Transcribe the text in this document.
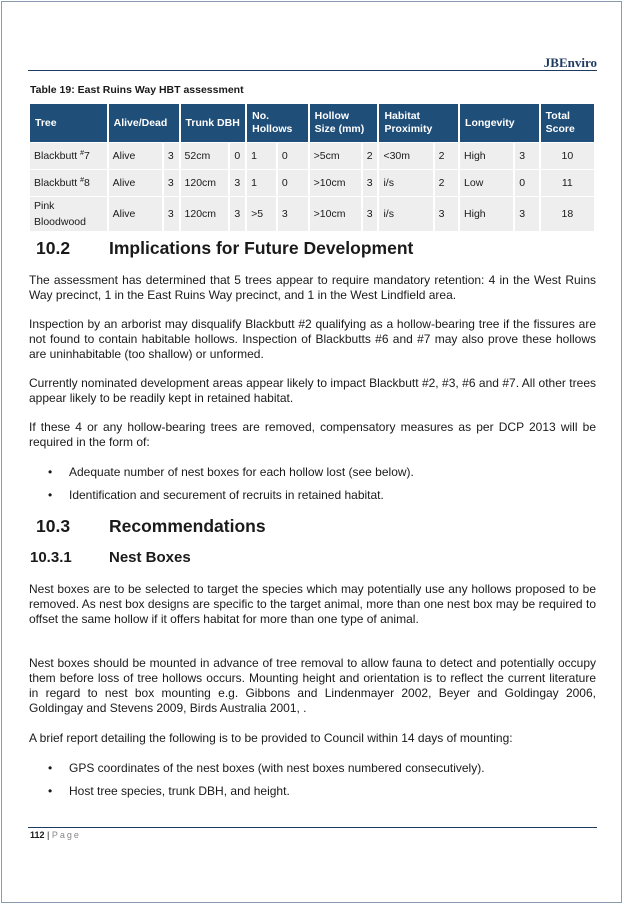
JBEnviro
Table 19: East Ruins Way HBT assessment
Tree	Alive/Dead		Trunk DBH		No. Hollows		Hollow Size (mm)		Habitat Proximity		Longevity		Total Score
Blackbutt #7	Alive	3	52cm	0	1	0	>5cm	2	<30m	2	High	3	10
Blackbutt #8	Alive	3	120cm	3	1	0	>10cm	3	i/s	2	Low	0	11
Pink Bloodwood	Alive	3	120cm	3	>5	3	>10cm	3	i/s	3	High	3	18
10.2 Implications for Future Development

The assessment has determined that 5 trees appear to require mandatory retention: 4 in the West Ruins Way precinct, 1 in the East Ruins Way precinct, and 1 in the West Lindfield area.

Inspection by an arborist may disqualify Blackbutt #2 qualifying as a hollow-bearing tree if the fissures are not found to contain habitable hollows. Inspection of Blackbutts #6 and #7 may also prove these hollows are uninhabitable (too shallow) or unformed.

Currently nominated development areas appear likely to impact Blackbutt #2, #3, #6 and #7. All other trees appear likely to be readily kept in retained habitat.

If these 4 or any hollow-bearing trees are removed, compensatory measures as per DCP 2013 will be required in the form of:

• Adequate number of nest boxes for each hollow lost (see below).
• Identification and securement of recruits in retained habitat.
10.3 Recommendations
10.3.1 Nest Boxes

Nest boxes are to be selected to target the species which may potentially use any hollows proposed to be removed. As nest box designs are specific to the target animal, more than one nest box may be required to offset the same hollow if it offers habitat for more than one type of animal.

Nest boxes should be mounted in advance of tree removal to allow fauna to detect and potentially occupy them before loss of tree hollows occurs. Mounting height and orientation is to reflect the current literature in regard to nest box mounting e.g. Gibbons and Lindenmayer 2002, Beyer and Goldingay 2006, Goldingay and Stevens 2009, Birds Australia 2001, .

A brief report detailing the following is to be provided to Council within 14 days of mounting:

• GPS coordinates of the nest boxes (with nest boxes numbered consecutively).
• Host tree species, trunk DBH, and height.
112 | Page
